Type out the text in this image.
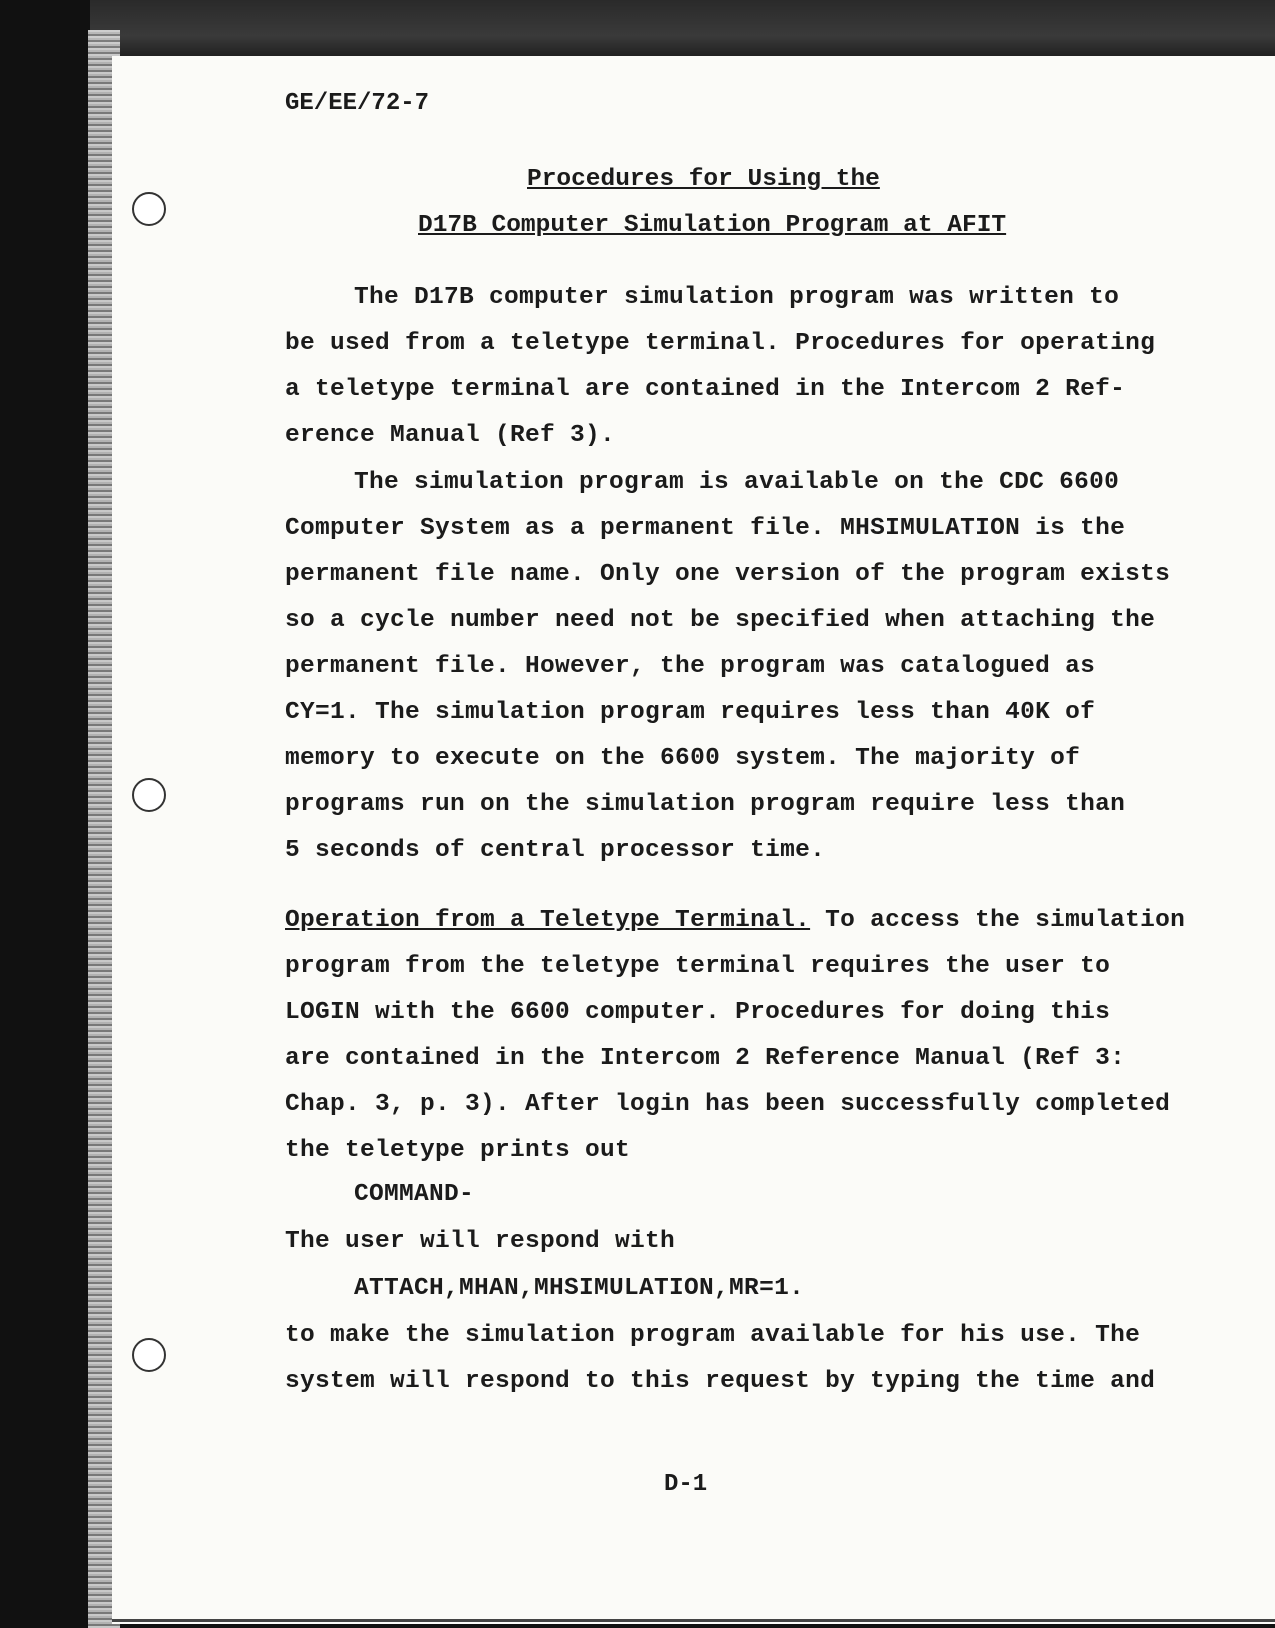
GE/EE/72-7
Procedures for Using the
D17B Computer Simulation Program at AFIT
The D17B computer simulation program was written to
be used from a teletype terminal. Procedures for operating
a teletype terminal are contained in the Intercom 2 Ref-
erence Manual (Ref 3).
The simulation program is available on the CDC 6600
Computer System as a permanent file. MHSIMULATION is the
permanent file name. Only one version of the program exists
so a cycle number need not be specified when attaching the
permanent file. However, the program was catalogued as
CY=1. The simulation program requires less than 40K of
memory to execute on the 6600 system. The majority of
programs run on the simulation program require less than
5 seconds of central processor time.
Operation from a Teletype Terminal. To access the simulation
program from the teletype terminal requires the user to
LOGIN with the 6600 computer. Procedures for doing this
are contained in the Intercom 2 Reference Manual (Ref 3:
Chap. 3, p. 3). After login has been successfully completed
the teletype prints out
COMMAND-
The user will respond with
ATTACH,MHAN,MHSIMULATION,MR=1.
to make the simulation program available for his use. The
system will respond to this request by typing the time and
D-1
